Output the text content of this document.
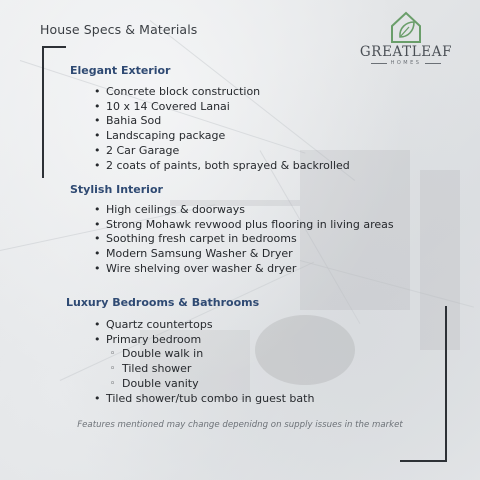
House Specs & Materials
GREATLEAF
HOMES
Elegant Exterior
• Concrete block construction
• 10 x 14 Covered Lanai
• Bahia Sod
• Landscaping package
• 2 Car Garage
• 2 coats of paints, both sprayed & backrolled
Stylish Interior
• High ceilings & doorways
• Strong Mohawk revwood plus flooring in living areas
• Soothing fresh carpet in bedrooms
• Modern Samsung Washer & Dryer
• Wire shelving over washer & dryer
Luxury Bedrooms & Bathrooms
• Quartz countertops
• Primary bedroom
◦ Double walk in
◦ Tiled shower
◦ Double vanity
• Tiled shower/tub combo in guest bath
Features mentioned may change depenidng on supply issues in the market
